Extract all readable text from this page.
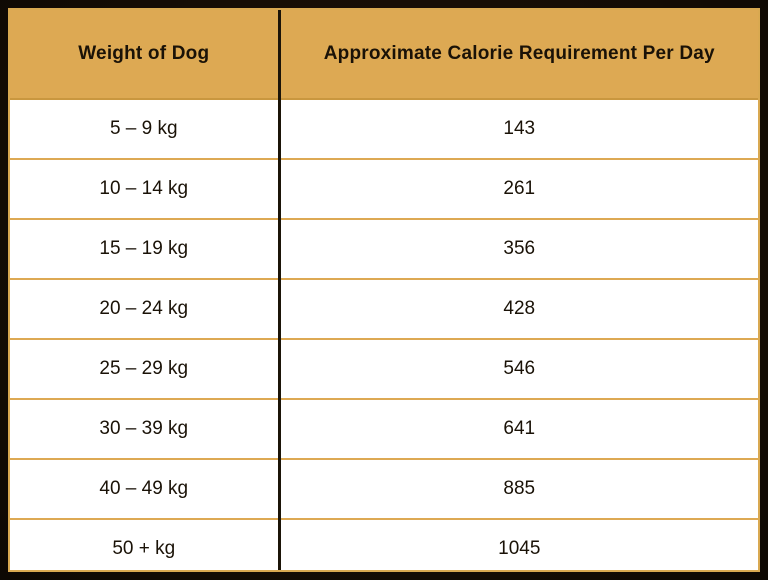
Weight of Dog	Approximate Calorie Requirement Per Day
5 – 9 kg	143
10 – 14 kg	261
15 – 19 kg	356
20 – 24 kg	428
25 – 29 kg	546
30 – 39 kg	641
40 – 49 kg	885
50 + kg	1045
